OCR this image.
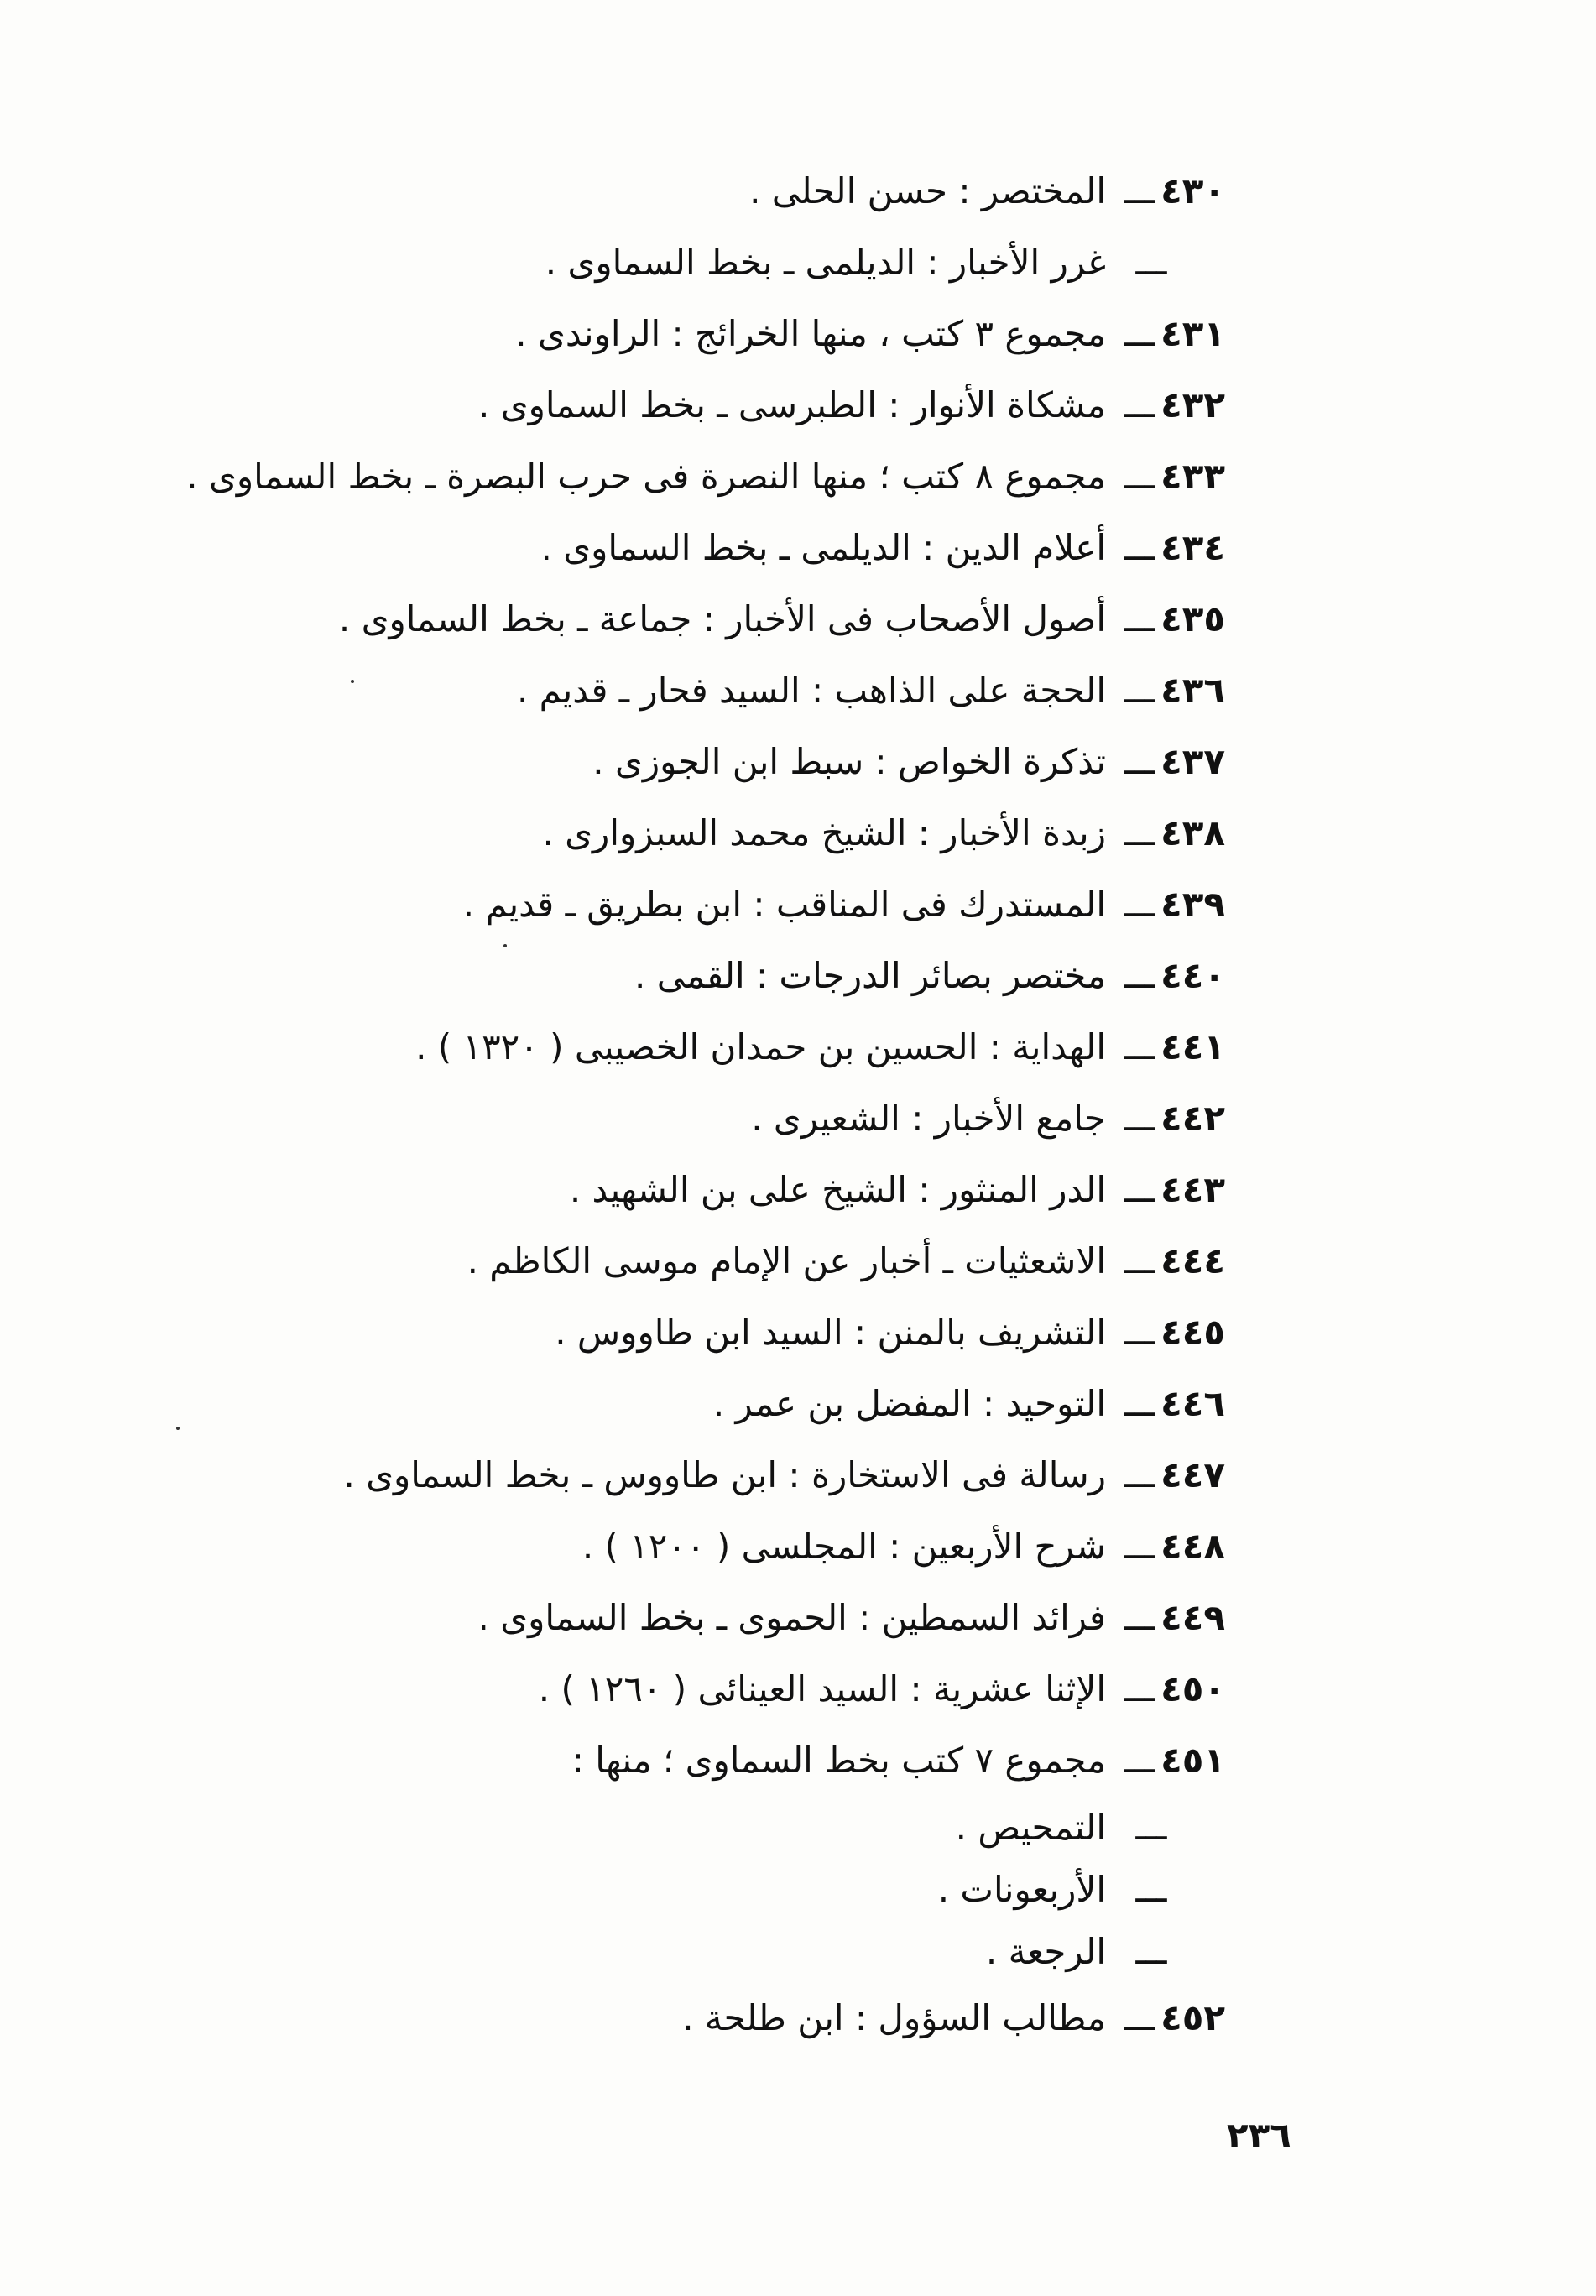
٤٣٠
ـــ
المختصر : حسن الحلى .
ـــ
غرر الأخبار : الديلمى ـ بخط السماوى .
٤٣١
ـــ
مجموع ٣ كتب ، منها الخرائج : الراوندى .
٤٣٢
ـــ
مشكاة الأنوار : الطبرسى ـ بخط السماوى .
٤٣٣
ـــ
مجموع ٨ كتب ؛ منها النصرة فى حرب البصرة ـ بخط السماوى .
٤٣٤
ـــ
أعلام الدين : الديلمى ـ بخط السماوى .
٤٣٥
ـــ
أصول الأصحاب فى الأخبار : جماعة ـ بخط السماوى .
٤٣٦
ـــ
الحجة على الذاهب : السيد فحار ـ قديم .
٤٣٧
ـــ
تذكرة الخواص : سبط ابن الجوزى .
٤٣٨
ـــ
زبدة الأخبار : الشيخ محمد السبزوارى .
٤٣٩
ـــ
المستدرك فى المناقب : ابن بطريق ـ قديم .
٤٤٠
ـــ
مختصر بصائر الدرجات : القمى .
٤٤١
ـــ
الهداية : الحسين بن حمدان الخصيبى ( ١٣٢٠ ) .
٤٤٢
ـــ
جامع الأخبار : الشعيرى .
٤٤٣
ـــ
الدر المنثور : الشيخ على بن الشهيد .
٤٤٤
ـــ
الاشعثيات ـ أخبار عن الإمام موسى الكاظم .
٤٤٥
ـــ
التشريف بالمنن : السيد ابن طاووس .
٤٤٦
ـــ
التوحيد : المفضل بن عمر .
٤٤٧
ـــ
رسالة فى الاستخارة : ابن طاووس ـ بخط السماوى .
٤٤٨
ـــ
شرح الأربعين : المجلسى ( ١٢٠٠ ) .
٤٤٩
ـــ
فرائد السمطين : الحموى ـ بخط السماوى .
٤٥٠
ـــ
الإثنا عشرية : السيد العينائى ( ١٢٦٠ ) .
٤٥١
ـــ
مجموع ٧ كتب بخط السماوى ؛ منها :
ـــ
التمحيص .
ـــ
الأربعونات .
ـــ
الرجعة .
٤٥٢
ـــ
مطالب السؤول : ابن طلحة .
٢٣٦
